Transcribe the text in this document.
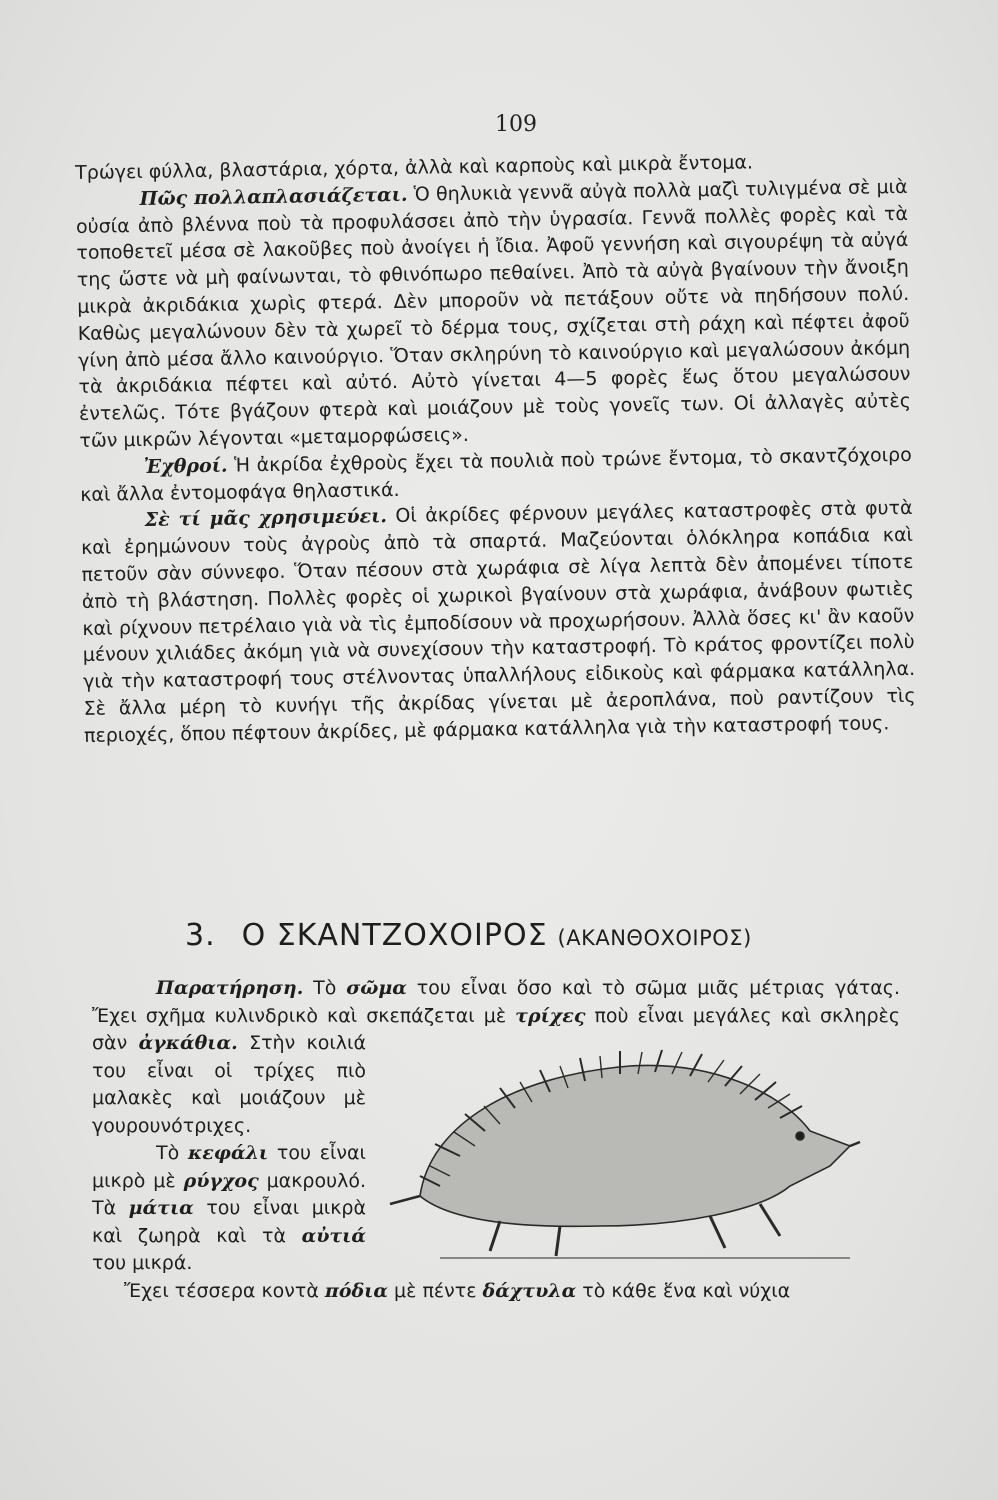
109

Τρώγει φύλλα, βλαστάρια, χόρτα, ἀλλὰ καὶ καρποὺς καὶ μικρὰ ἔντομα.

Πῶς πολλαπλασιάζεται. Ὁ θηλυκιὰ γεννᾶ αὐγὰ πολλὰ μαζὶ τυλιγμένα σὲ μιὰ οὐσία ἀπὸ βλέννα ποὺ τὰ προφυλάσσει ἀπὸ τὴν ὑγρασία. Γεννᾶ πολλὲς φορὲς καὶ τὰ τοποθετεῖ μέσα σὲ λακοῦβες ποὺ ἀνοίγει ἡ ἴδια. Ἀφοῦ γεννήση καὶ σιγουρέψη τὰ αὐγά της ὥστε νὰ μὴ φαίνωνται, τὸ φθινόπωρο πεθαίνει. Ἀπὸ τὰ αὐγὰ βγαίνουν τὴν ἄνοιξη μικρὰ ἀκριδάκια χωρὶς φτερά. Δὲν μποροῦν νὰ πετάξουν οὔτε νὰ πηδήσουν πολύ. Καθὼς μεγαλώνουν δὲν τὰ χωρεῖ τὸ δέρμα τους, σχίζεται στὴ ράχη καὶ πέφτει ἀφοῦ γίνη ἀπὸ μέσα ἄλλο καινούργιο. Ὅταν σκληρύνη τὸ καινούργιο καὶ μεγαλώσουν ἀκόμη τὰ ἀκριδάκια πέφτει καὶ αὐτό. Αὐτὸ γίνεται 4—5 φορὲς ἕως ὅτου μεγαλώσουν ἐντελῶς. Τότε βγάζουν φτερὰ καὶ μοιάζουν μὲ τοὺς γονεῖς των. Οἱ ἀλλαγὲς αὐτὲς τῶν μικρῶν λέγονται «μεταμορφώσεις».

Ἐχθροί. Ἡ ἀκρίδα ἐχθροὺς ἔχει τὰ πουλιὰ ποὺ τρώνε ἔντομα, τὸ σκαντζόχοιρο καὶ ἄλλα ἐντομοφάγα θηλαστικά.

Σὲ τί μᾶς χρησιμεύει. Οἱ ἀκρίδες φέρνουν μεγάλες καταστροφὲς στὰ φυτὰ καὶ ἐρημώνουν τοὺς ἀγροὺς ἀπὸ τὰ σπαρτά. Μαζεύονται ὁλόκληρα κοπάδια καὶ πετοῦν σὰν σύννεφο. Ὅταν πέσουν στὰ χωράφια σὲ λίγα λεπτὰ δὲν ἀπομένει τίποτε ἀπὸ τὴ βλάστηση. Πολλὲς φορὲς οἱ χωρικοὶ βγαίνουν στὰ χωράφια, ἀνάβουν φωτιὲς καὶ ρίχνουν πετρέλαιο γιὰ νὰ τὶς ἐμποδίσουν νὰ προχωρήσουν. Ἀλλὰ ὅσες κι' ἂν καοῦν μένουν χιλιάδες ἀκόμη γιὰ νὰ συνεχίσουν τὴν καταστροφή. Τὸ κράτος φροντίζει πολὺ γιὰ τὴν καταστροφή τους στέλνοντας ὑπαλλήλους εἰδικοὺς καὶ φάρμακα κατάλληλα. Σὲ ἄλλα μέρη τὸ κυνήγι τῆς ἀκρίδας γίνεται μὲ ἀεροπλάνα, ποὺ ραντίζουν τὶς περιοχές, ὅπου πέφτουν ἀκρίδες, μὲ φάρμακα κατάλληλα γιὰ τὴν καταστροφή τους.

3. Ο ΣΚΑΝΤΖΟΧΟΙΡΟΣ (ΑΚΑΝΘΟΧΟΙΡΟΣ)

Παρατήρηση. Τὸ σῶμα του εἶναι ὅσο καὶ τὸ σῶμα μιᾶς μέτριας γάτας. Ἔχει σχῆμα κυλινδρικὸ καὶ σκεπάζεται μὲ τρίχες ποὺ εἶναι μεγάλες καὶ σκληρὲς σὰν ἀγκάθια.
Στὴν κοιλιά του εἶναι οἱ τρίχες πιὸ μαλακὲς καὶ μοιάζουν μὲ γουρουνότριχες.

Τὸ κεφάλι του εἶναι μικρὸ μὲ ρύγχος μακρουλό. Τὰ μάτια του εἶναι μικρὰ καὶ ζωηρὰ καὶ τὰ αὐτιά του μικρά.

Ἔχει τέσσερα κοντὰ πόδια μὲ πέντε δάχτυλα τὸ κάθε ἕνα καὶ νύχια
